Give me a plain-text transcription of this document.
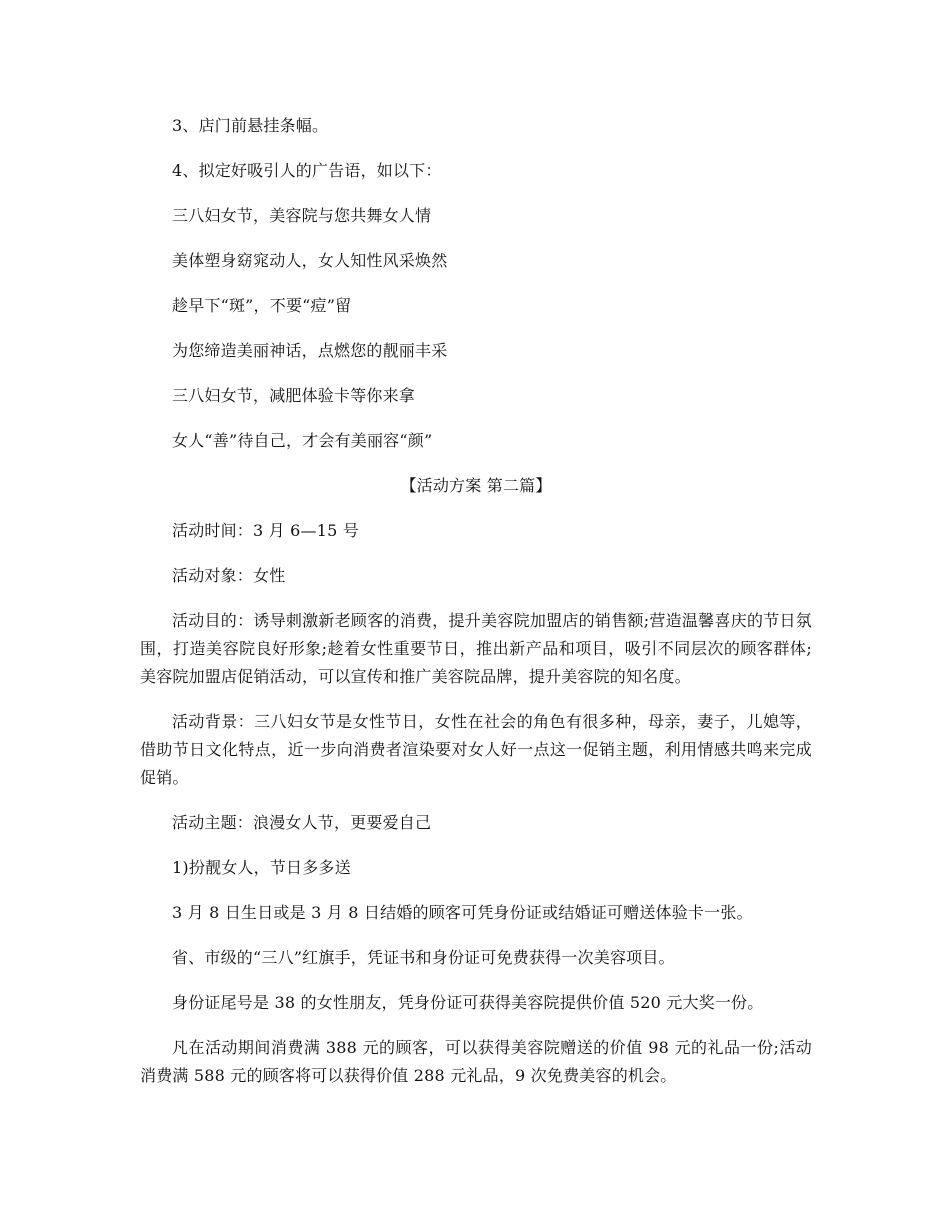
3、店门前悬挂条幅。

4、拟定好吸引人的广告语，如以下：

三八妇女节，美容院与您共舞女人情

美体塑身窈窕动人，女人知性风采焕然

趁早下“斑”，不要“痘”留

为您缔造美丽神话，点燃您的靓丽丰采

三八妇女节，减肥体验卡等你来拿

女人“善”待自己，才会有美丽容“颜”

【活动方案 第二篇】

活动时间：3 月 6—15 号

活动对象：女性

活动目的：诱导刺激新老顾客的消费，提升美容院加盟店的销售额;营造温馨喜庆的节日氛围，打造美容院良好形象;趁着女性重要节日，推出新产品和项目，吸引不同层次的顾客群体;美容院加盟店促销活动，可以宣传和推广美容院品牌，提升美容院的知名度。

活动背景：三八妇女节是女性节日，女性在社会的角色有很多种，母亲，妻子，儿媳等，借助节日文化特点，近一步向消费者渲染要对女人好一点这一促销主题，利用情感共鸣来完成促销。

活动主题：浪漫女人节，更要爱自己

1)扮靓女人，节日多多送

3 月 8 日生日或是 3 月 8 日结婚的顾客可凭身份证或结婚证可赠送体验卡一张。

省、市级的“三八”红旗手，凭证书和身份证可免费获得一次美容项目。

身份证尾号是 38 的女性朋友，凭身份证可获得美容院提供价值 520 元大奖一份。

凡在活动期间消费满 388 元的顾客，可以获得美容院赠送的价值 98 元的礼品一份;活动消费满 588 元的顾客将可以获得价值 288 元礼品，9 次免费美容的机会。
